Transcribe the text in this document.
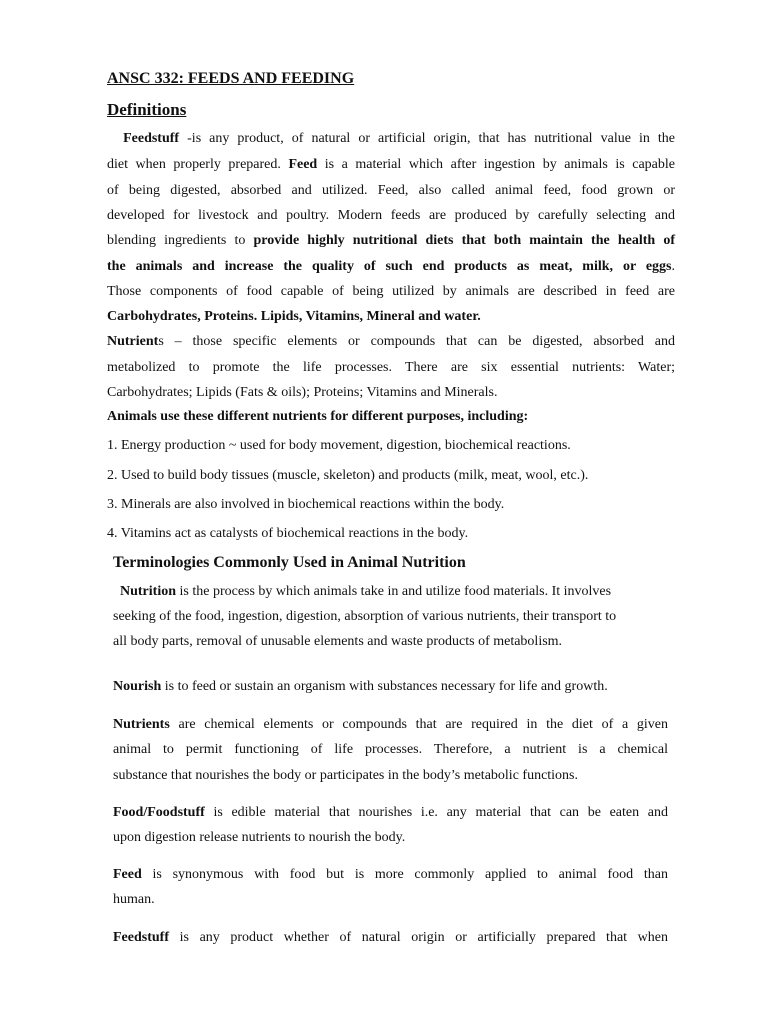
ANSC 332: FEEDS AND FEEDING
Definitions
Feedstuff -is any product, of natural or artificial origin, that has nutritional value in the
diet when properly prepared. Feed is a material which after ingestion by animals is capable
of being digested, absorbed and utilized. Feed, also called animal feed, food grown or
developed for livestock and poultry. Modern feeds are produced by carefully selecting and
blending ingredients to provide highly nutritional diets that both maintain the health of
the animals and increase the quality of such end products as meat, milk, or eggs.
Those components of food capable of being utilized by animals are described in feed are
Carbohydrates, Proteins. Lipids, Vitamins, Mineral and water.
Nutrients – those specific elements or compounds that can be digested, absorbed and
metabolized to promote the life processes. There are six essential nutrients: Water;
Carbohydrates; Lipids (Fats & oils); Proteins; Vitamins and Minerals.
Animals use these different nutrients for different purposes, including:
1. Energy production ~ used for body movement, digestion, biochemical reactions.
2. Used to build body tissues (muscle, skeleton) and products (milk, meat, wool, etc.).
3. Minerals are also involved in biochemical reactions within the body.
4. Vitamins act as catalysts of biochemical reactions in the body.
Terminologies Commonly Used in Animal Nutrition
Nutrition is the process by which animals take in and utilize food materials. It involves
seeking of the food, ingestion, digestion, absorption of various nutrients, their transport to
all body parts, removal of unusable elements and waste products of metabolism.
Nourish is to feed or sustain an organism with substances necessary for life and growth.
Nutrients are chemical elements or compounds that are required in the diet of a given
animal to permit functioning of life processes. Therefore, a nutrient is a chemical
substance that nourishes the body or participates in the body’s metabolic functions.
Food/Foodstuff is edible material that nourishes i.e. any material that can be eaten and
upon digestion release nutrients to nourish the body.
Feed is synonymous with food but is more commonly applied to animal food than
human.
Feedstuff is any product whether of natural origin or artificially prepared that when
